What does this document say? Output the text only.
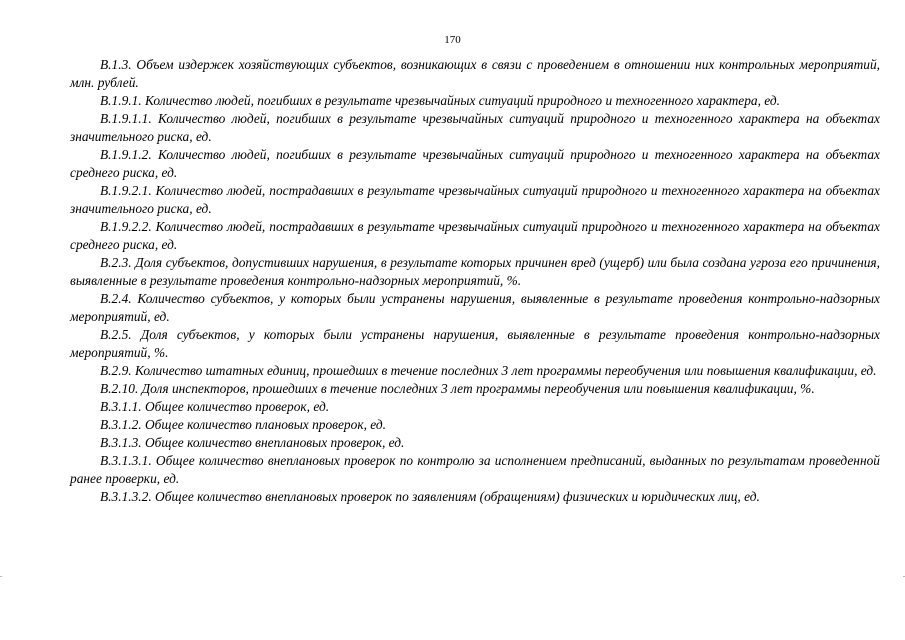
170

В.1.3. Объем издержек хозяйствующих субъектов, возникающих в связи с проведением в отношении них контрольных мероприятий, млн. рублей.

В.1.9.1. Количество людей, погибших в результате чрезвычайных ситуаций природного и техногенного характера, ед.

В.1.9.1.1. Количество людей, погибших в результате чрезвычайных ситуаций природного и техногенного характера на объектах значительного риска, ед.

В.1.9.1.2. Количество людей, погибших в результате чрезвычайных ситуаций природного и техногенного характера на объектах среднего риска, ед.

В.1.9.2.1. Количество людей, пострадавших в результате чрезвычайных ситуаций природного и техногенного характера на объектах значительного риска, ед.

В.1.9.2.2. Количество людей, пострадавших в результате чрезвычайных ситуаций природного и техногенного характера на объектах среднего риска, ед.

В.2.3. Доля субъектов, допустивших нарушения, в результате которых причинен вред (ущерб) или была создана угроза его причинения, выявленные в результате проведения контрольно-надзорных мероприятий, %.

В.2.4. Количество субъектов, у которых были устранены нарушения, выявленные в результате проведения контрольно-надзорных мероприятий, ед.

В.2.5. Доля субъектов, у которых были устранены нарушения, выявленные в результате проведения контрольно-надзорных мероприятий, %.

В.2.9. Количество штатных единиц, прошедших в течение последних 3 лет программы переобучения или повышения квалификации, ед.

В.2.10. Доля инспекторов, прошедших в течение последних 3 лет программы переобучения или повышения квалификации, %.

В.3.1.1. Общее количество проверок, ед.

В.3.1.2. Общее количество плановых проверок, ед.

В.3.1.3. Общее количество внеплановых проверок, ед.

В.3.1.3.1. Общее количество внеплановых проверок по контролю за исполнением предписаний, выданных по результатам проведенной ранее проверки, ед.

В.3.1.3.2. Общее количество внеплановых проверок по заявлениям (обращениям) физических и юридических лиц, ед.
